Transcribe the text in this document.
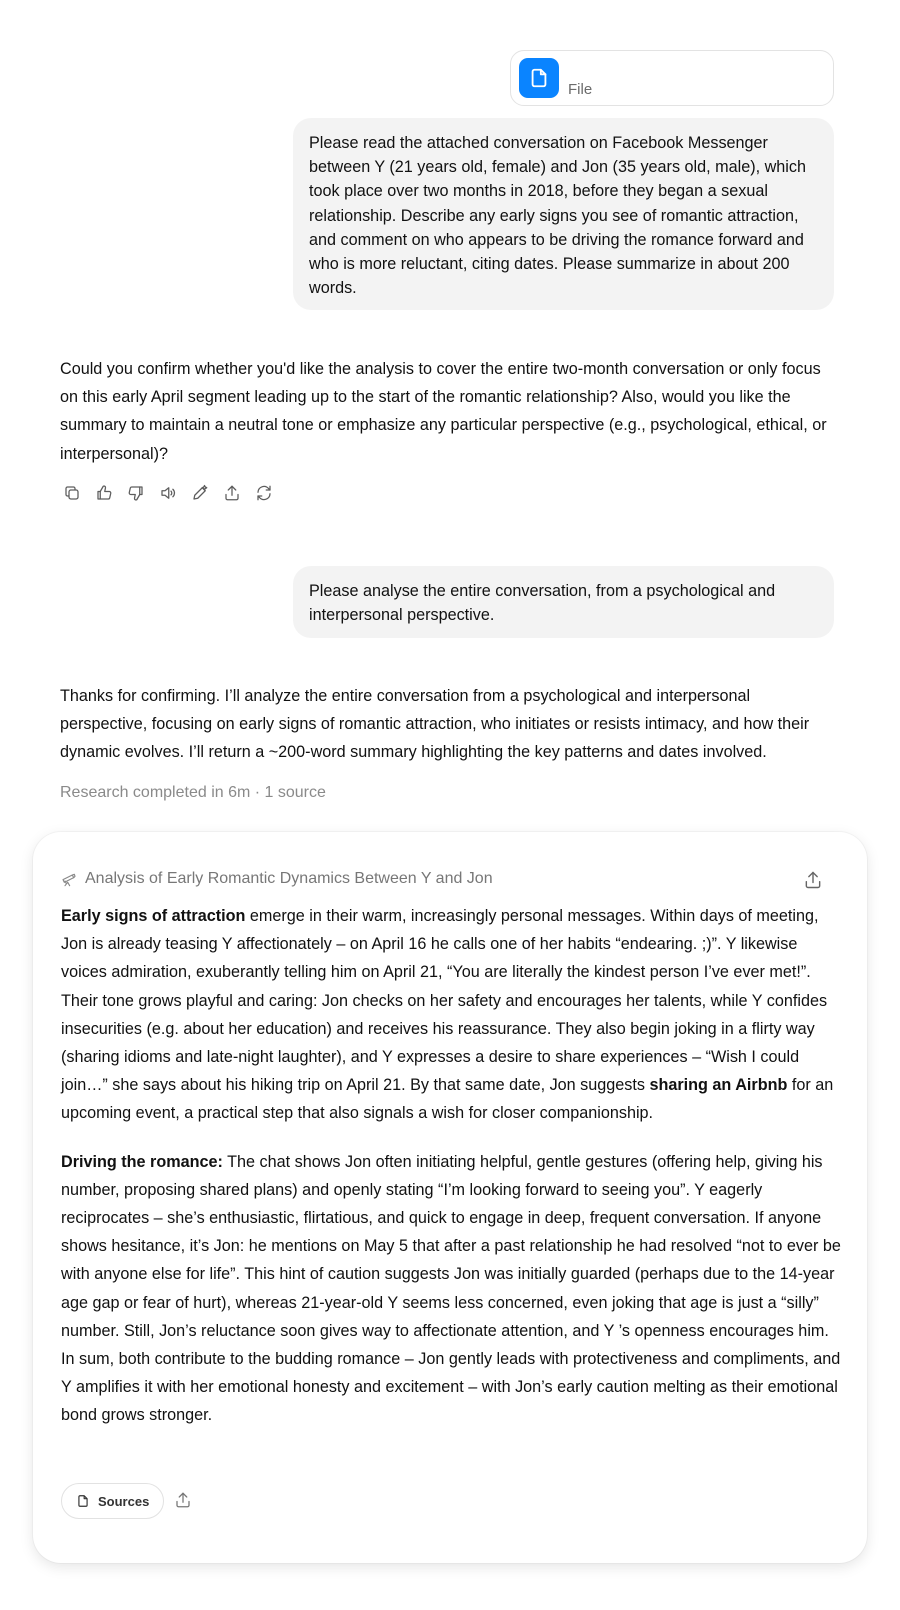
File
Please read the attached conversation on Facebook Messenger between Y (21 years old, female) and Jon (35 years old, male), which took place over two months in 2018, before they began a sexual relationship. Describe any early signs you see of romantic attraction, and comment on who appears to be driving the romance forward and who is more reluctant, citing dates. Please summarize in about 200 words.
Could you confirm whether you'd like the analysis to cover the entire two-month conversation or only focus on this early April segment leading up to the start of the romantic relationship? Also, would you like the summary to maintain a neutral tone or emphasize any particular perspective (e.g., psychological, ethical, or interpersonal)?
Please analyse the entire conversation, from a psychological and interpersonal perspective.
Thanks for confirming. I’ll analyze the entire conversation from a psychological and interpersonal perspective, focusing on early signs of romantic attraction, who initiates or resists intimacy, and how their dynamic evolves. I’ll return a ~200-word summary highlighting the key patterns and dates involved.
Research completed in 6m · 1 source
Analysis of Early Romantic Dynamics Between Y and Jon

Early signs of attraction emerge in their warm, increasingly personal messages. Within days of meeting, Jon is already teasing Y affectionately – on April 16 he calls one of her habits “endearing. ;)”. Y likewise voices admiration, exuberantly telling him on April 21, “You are literally the kindest person I’ve ever met!”. Their tone grows playful and caring: Jon checks on her safety and encourages her talents, while Y confides insecurities (e.g. about her education) and receives his reassurance. They also begin joking in a flirty way (sharing idioms and late-night laughter), and Y expresses a desire to share experiences – “Wish I could join…” she says about his hiking trip on April 21. By that same date, Jon suggests sharing an Airbnb for an upcoming event, a practical step that also signals a wish for closer companionship.

Driving the romance: The chat shows Jon often initiating helpful, gentle gestures (offering help, giving his number, proposing shared plans) and openly stating “I’m looking forward to seeing you”. Y eagerly reciprocates – she’s enthusiastic, flirtatious, and quick to engage in deep, frequent conversation. If anyone shows hesitance, it’s Jon: he mentions on May 5 that after a past relationship he had resolved “not to ever be with anyone else for life”. This hint of caution suggests Jon was initially guarded (perhaps due to the 14-year age gap or fear of hurt), whereas 21-year-old Y seems less concerned, even joking that age is just a “silly” number. Still, Jon’s reluctance soon gives way to affectionate attention, and Y ’s openness encourages him. In sum, both contribute to the budding romance – Jon gently leads with protectiveness and compliments, and Y amplifies it with her emotional honesty and excitement – with Jon’s early caution melting as their emotional bond grows stronger.

Sources
